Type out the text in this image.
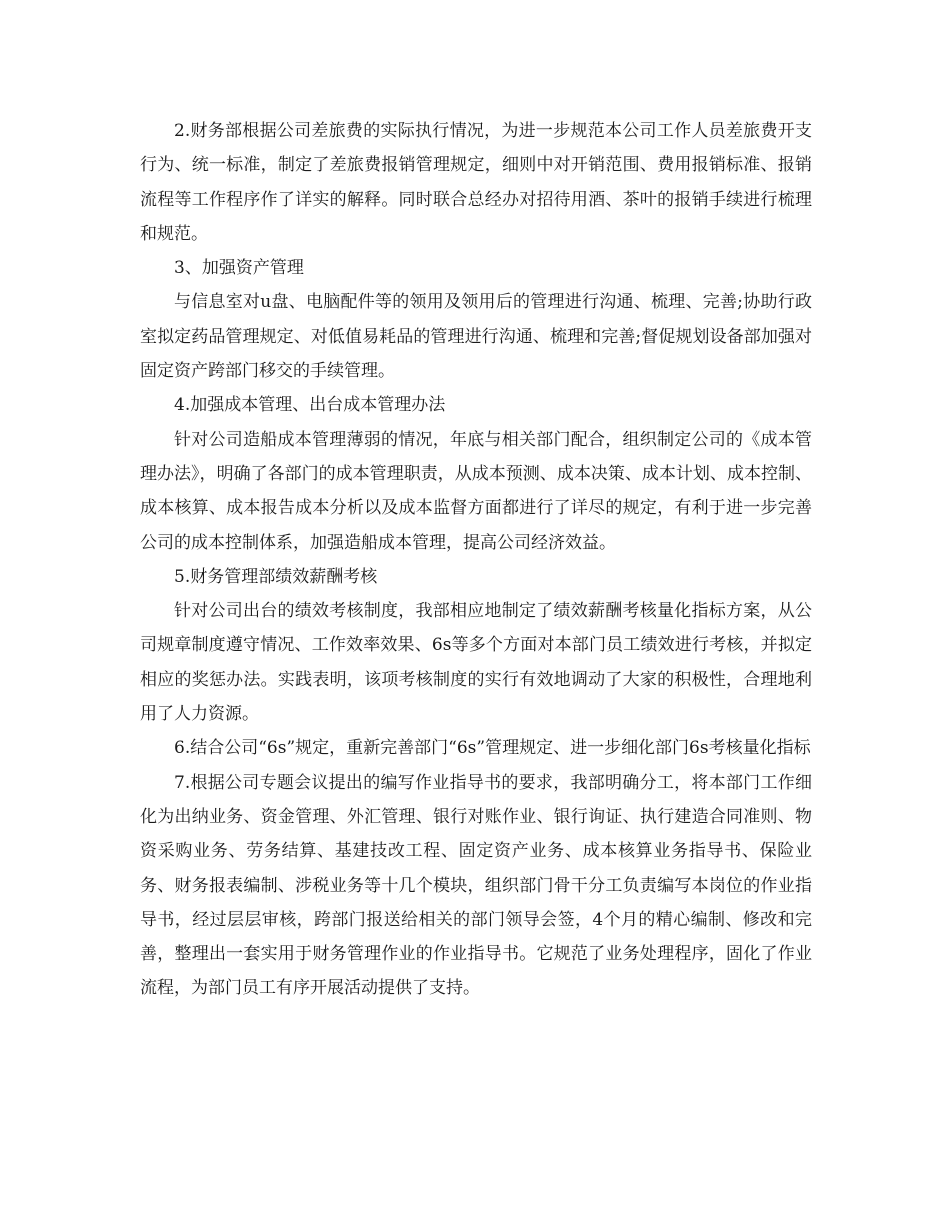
2.财务部根据公司差旅费的实际执行情况，为进一步规范本公司工作人员差旅费开支行为、统一标准，制定了差旅费报销管理规定，细则中对开销范围、费用报销标准、报销流程等工作程序作了详实的解释。同时联合总经办对招待用酒、茶叶的报销手续进行梳理和规范。

3、加强资产管理

与信息室对u盘、电脑配件等的领用及领用后的管理进行沟通、梳理、完善;协助行政室拟定药品管理规定、对低值易耗品的管理进行沟通、梳理和完善;督促规划设备部加强对固定资产跨部门移交的手续管理。

4.加强成本管理、出台成本管理办法

针对公司造船成本管理薄弱的情况，年底与相关部门配合，组织制定公司的《成本管理办法》，明确了各部门的成本管理职责，从成本预测、成本决策、成本计划、成本控制、成本核算、成本报告成本分析以及成本监督方面都进行了详尽的规定，有利于进一步完善公司的成本控制体系，加强造船成本管理，提高公司经济效益。

5.财务管理部绩效薪酬考核

针对公司出台的绩效考核制度，我部相应地制定了绩效薪酬考核量化指标方案，从公司规章制度遵守情况、工作效率效果、6s等多个方面对本部门员工绩效进行考核，并拟定相应的奖惩办法。实践表明，该项考核制度的实行有效地调动了大家的积极性，合理地利用了人力资源。

6.结合公司“6s”规定，重新完善部门“6s”管理规定、进一步细化部门6s考核量化指标

7.根据公司专题会议提出的编写作业指导书的要求，我部明确分工，将本部门工作细化为出纳业务、资金管理、外汇管理、银行对账作业、银行询证、执行建造合同准则、物资采购业务、劳务结算、基建技改工程、固定资产业务、成本核算业务指导书、保险业务、财务报表编制、涉税业务等十几个模块，组织部门骨干分工负责编写本岗位的作业指导书，经过层层审核，跨部门报送给相关的部门领导会签，4个月的精心编制、修改和完善，整理出一套实用于财务管理作业的作业指导书。它规范了业务处理程序，固化了作业流程，为部门员工有序开展活动提供了支持。
